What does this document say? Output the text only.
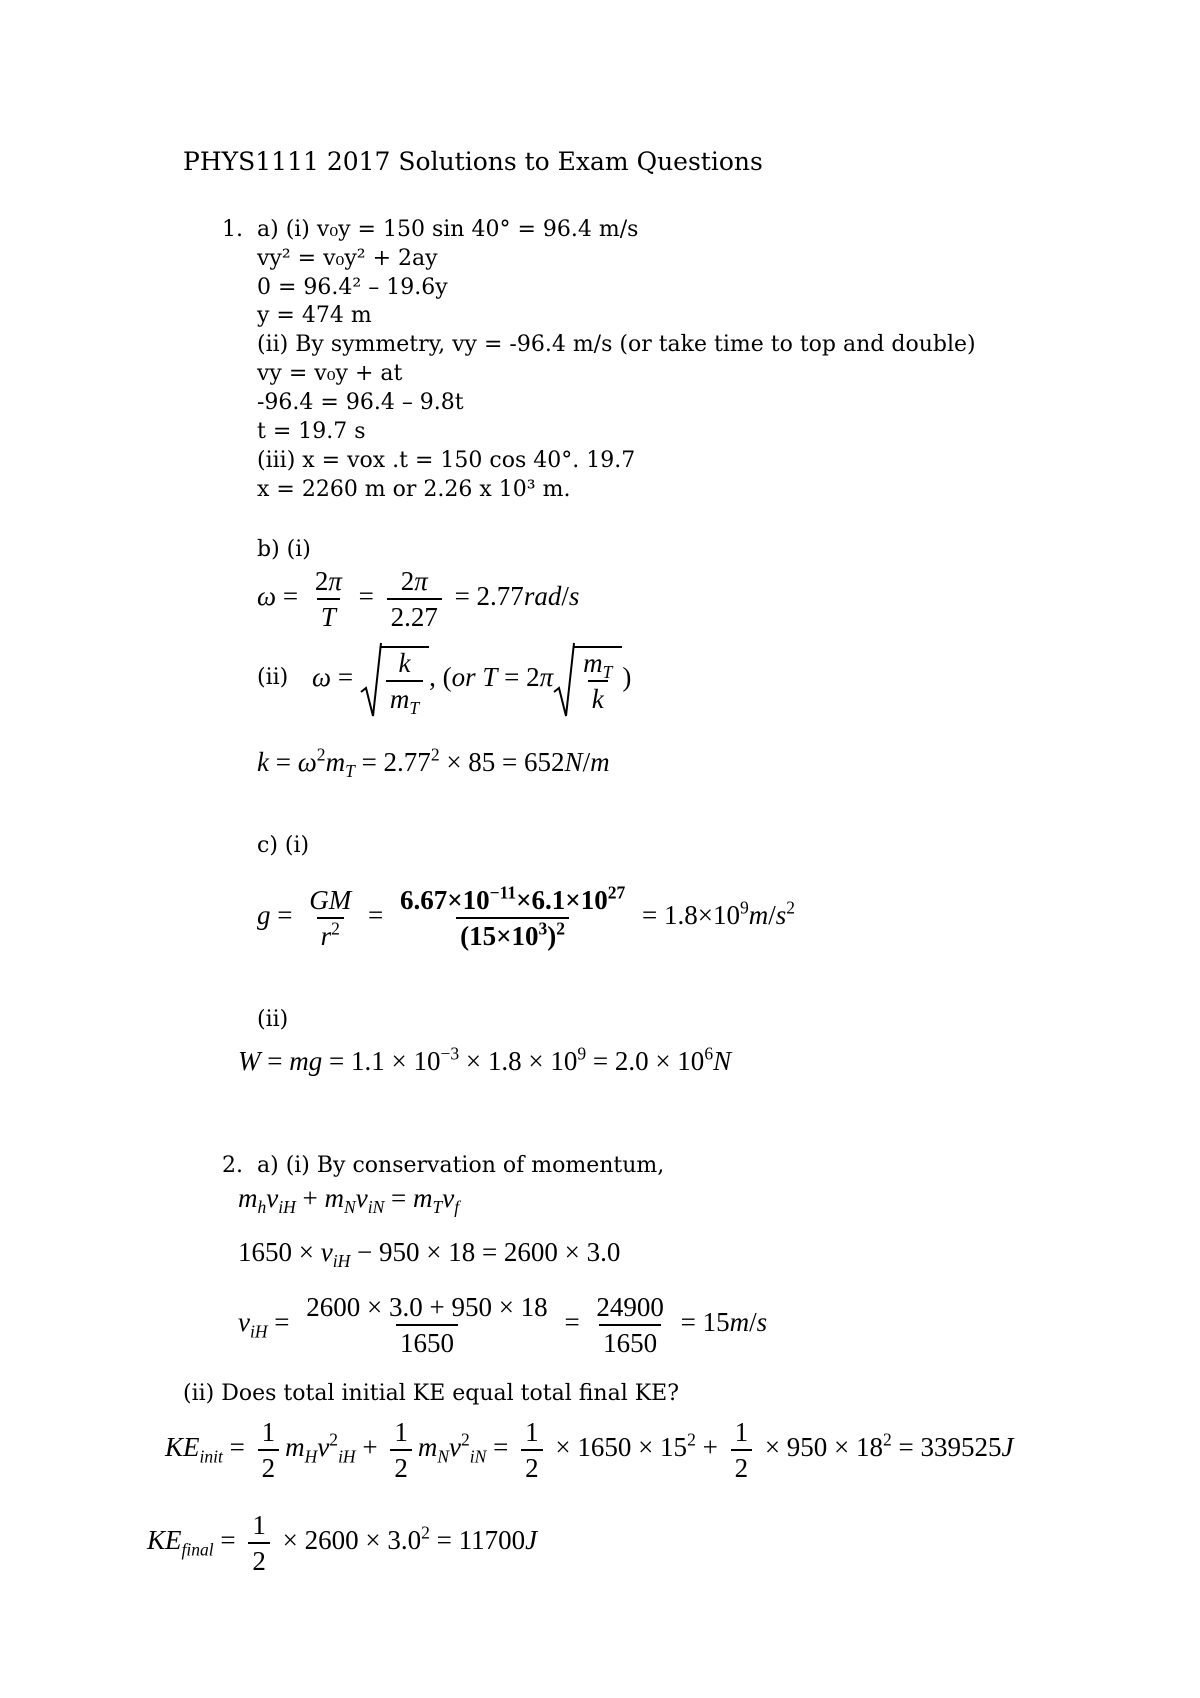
PHYS1111 2017 Solutions to Exam Questions
1. a) (i) v₀y = 150 sin 40° = 96.4 m/s
vy² = v₀y² + 2ay
0 = 96.4² – 19.6y
y = 474 m
(ii) By symmetry, vy = -96.4 m/s (or take time to top and double)
vy = v₀y + at
-96.4 = 96.4 – 9.8t
t = 19.7 s
(iii) x = vox .t = 150 cos 40°. 19.7
x = 2260 m or 2.26 x 10³ m.
b) (i)
$\omega = \frac{2\pi}{T} = \frac{2\pi}{2.27} = 2.77rad/s$
(ii) $\omega = \frac{k}{m_T}$ , (or $T = 2\pi \frac{m_T}{k}$ )
$k = \omega^2m_T = 2.77^2 \times 85 = 652N/m$
c) (i)
$g = \frac{GM}{r^2} = \frac{6.67\times 10^{-11}\times 6.1\times 10^{27}}{(15\times 10^3)^2} = 1.8\times 10^9m/s^2$
(ii)
W = mg = $1.1 \times 10^{-3} \times 1.8 \times 10^9 = 2.0 \times 10^6N$
2. a) (i) By conservation of momentum,
$m_hv_{iH} + m_Nv_{iN} = m_Tv_f$
$1650 \times v_{iH} - 950 \times 18 = 2600 \times 3.0$
$v_{iH} = \frac{2600 \times 3.0 + 950 \times 18}{1650} = \frac{24900}{1650} = 15m/s$
(ii) Does total initial KE equal total final KE?
$KE_{init} = \frac{1}{2} m_Hv^2_{iH} + \frac{1}{2} m_Nv^2_{iN} = \frac{1}{2} \times 1650 \times 15^2 + \frac{1}{2} \times 950 \times 18^2 = 339525J$
$KE_{final} = \frac{1}{2} \times 2600 \times 3.0^2 = 11700J$
